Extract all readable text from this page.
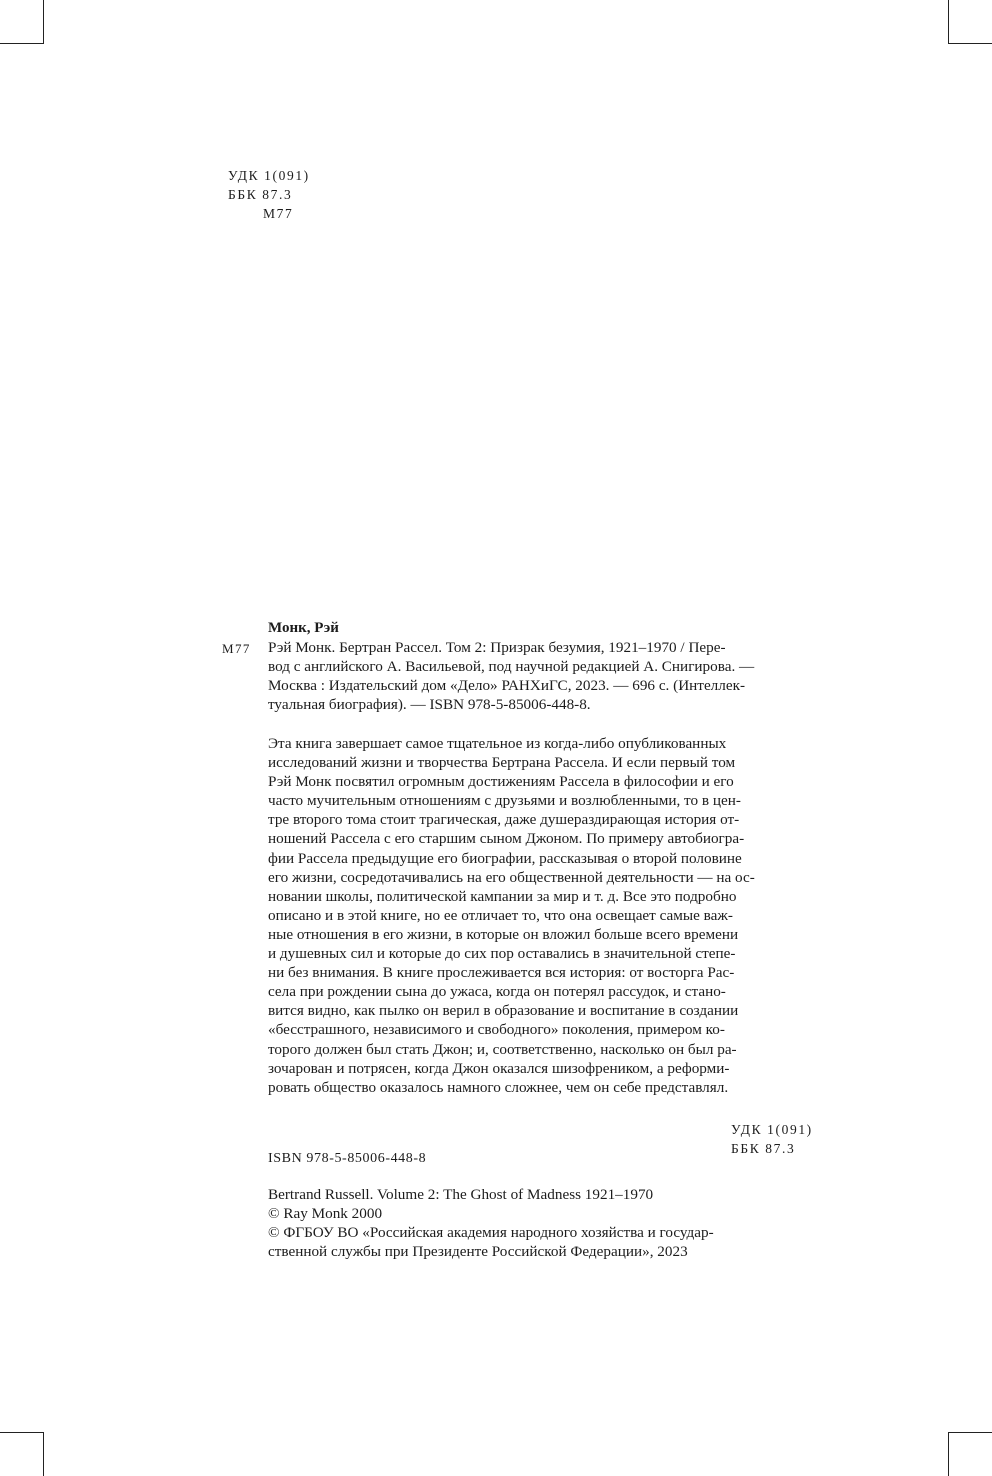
УДК 1(091)
ББК 87.3
М77
Монк, Рэй
М77 Рэй Монк. Бертран Рассел. Том 2: Призрак безумия, 1921–1970 / Пере-

вод с английского А. Васильевой, под научной редакцией А. Снигирова. —

Москва : Издательский дом «Дело» РАНХиГС, 2023. — 696 с. (Интеллек-

туальная биография). — ISBN 978-5-85006-448-8.

Эта книга завершает самое тщательное из когда-либо опубликованных

исследований жизни и творчества Бертрана Рассела. И если первый том

Рэй Монк посвятил огромным достижениям Рассела в философии и его

часто мучительным отношениям с друзьями и возлюбленными, то в цен-

тре второго тома стоит трагическая, даже душераздирающая история от-

ношений Рассела с его старшим сыном Джоном. По примеру автобиогра-

фии Рассела предыдущие его биографии, рассказывая о второй половине

его жизни, сосредотачивались на его общественной деятельности — на ос-

новании школы, политической кампании за мир и т. д. Все это подробно

описано и в этой книге, но ее отличает то, что она освещает самые важ-

ные отношения в его жизни, в которые он вложил больше всего времени

и душевных сил и которые до сих пор оставались в значительной степе-

ни без внимания. В книге прослеживается вся история: от восторга Рас-

села при рождении сына до ужаса, когда он потерял рассудок, и стано-

вится видно, как пылко он верил в образование и воспитание в создании

«бесстрашного, независимого и свободного» поколения, примером ко-

торого должен был стать Джон; и, соответственно, насколько он был ра-

зочарован и потрясен, когда Джон оказался шизофреником, а реформи-

ровать общество оказалось намного сложнее, чем он себе представлял.

УДК 1(091)
ББК 87.3
ISBN 978-5-85006-448-8

Bertrand Russell. Volume 2: The Ghost of Madness 1921–1970

© Ray Monk 2000

© ФГБОУ ВО «Российская академия народного хозяйства и государ-

ственной службы при Президенте Российской Федерации», 2023
